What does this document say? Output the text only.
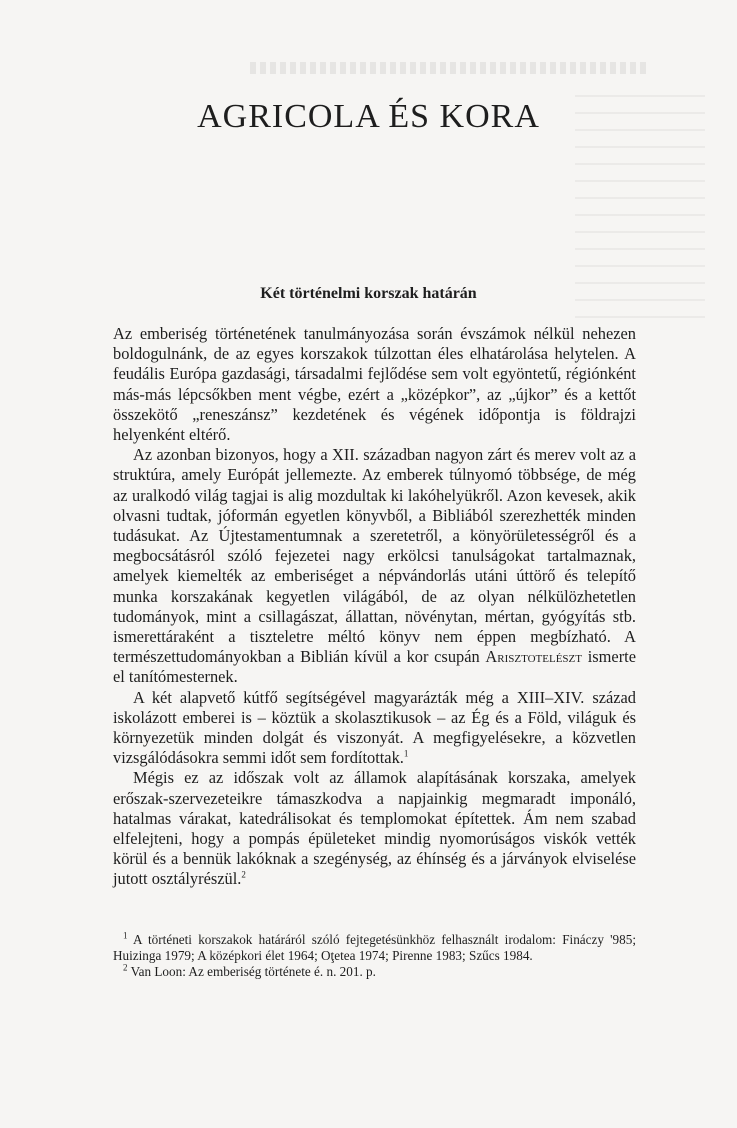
AGRICOLA ÉS KORA
Két történelmi korszak határán

Az emberiség történetének tanulmányozása során évszámok nélkül nehezen boldogulnánk, de az egyes korszakok túlzottan éles elhatárolása helytelen. A feudális Európa gazdasági, társadalmi fejlődése sem volt egyöntetű, régiónként más-más lépcsőkben ment végbe, ezért a „középkor”, az „újkor” és a kettőt összekötő „reneszánsz” kezdetének és végének időpontja is földrajzi helyenként eltérő.

Az azonban bizonyos, hogy a XII. században nagyon zárt és merev volt az a struktúra, amely Európát jellemezte. Az emberek túlnyomó többsége, de még az uralkodó világ tagjai is alig mozdultak ki lakóhelyükről. Azon kevesek, akik olvasni tudtak, jóformán egyetlen könyvből, a Bibliából szerezhették minden tudásukat. Az Újtestamentumnak a szeretetről, a könyörületességről és a megbocsátásról szóló fejezetei nagy erkölcsi tanulságokat tartalmaznak, amelyek kiemelték az emberiséget a népvándorlás utáni úttörő és telepítő munka korszakának kegyetlen világából, de az olyan nélkülözhetetlen tudományok, mint a csillagászat, állattan, növénytan, mértan, gyógyítás stb. ismerettáraként a tiszteletre méltó könyv nem éppen megbízható. A természettudományokban a Biblián kívül a kor csupán Arisztotelészt ismerte el tanítómesternek.

A két alapvető kútfő segítségével magyarázták még a XIII–XIV. század iskolázott emberei is – köztük a skolasztikusok – az Ég és a Föld, világuk és környezetük minden dolgát és viszonyát. A megfigyelésekre, a közvetlen vizsgálódásokra semmi időt sem fordítottak.$^1$

Mégis ez az időszak volt az államok alapításának korszaka, amelyek erőszak-szervezeteikre támaszkodva a napjainkig megmaradt imponáló, hatalmas várakat, katedrálisokat és templomokat építettek. Ám nem szabad elfelejteni, hogy a pompás épületeket mindig nyomorúságos viskók vették körül és a bennük lakóknak a szegénység, az éhínség és a járványok elviselése jutott osztályrészül.$^2$

$^1$ A történeti korszakok határáról szóló fejtegetésünkhöz felhasznált irodalom: Fináczy '985; Huizinga 1979; A középkori élet 1964; Oţetea 1974; Pirenne 1983; Szűcs 1984.

$^2$ Van Loon: Az emberiség története é. n. 201. p.
